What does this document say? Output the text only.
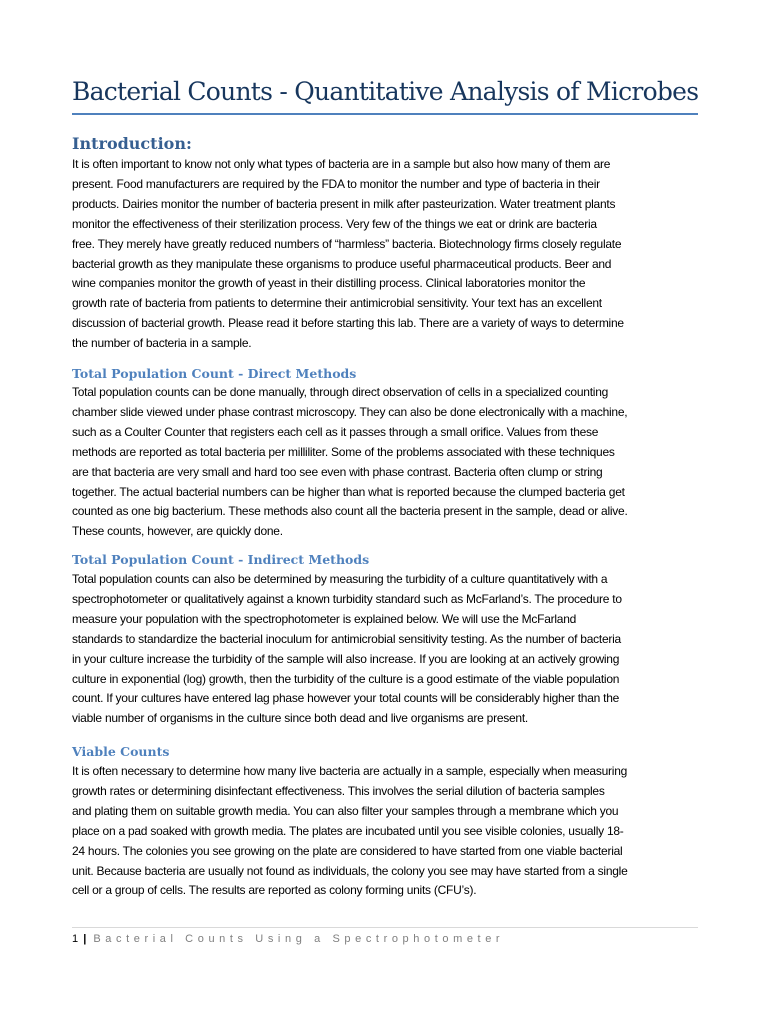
Bacterial Counts - Quantitative Analysis of Microbes
Introduction:
It is often important to know not only what types of bacteria are in a sample but also how many of them are
present. Food manufacturers are required by the FDA to monitor the number and type of bacteria in their
products. Dairies monitor the number of bacteria present in milk after pasteurization. Water treatment plants
monitor the effectiveness of their sterilization process. Very few of the things we eat or drink are bacteria
free. They merely have greatly reduced numbers of “harmless” bacteria. Biotechnology firms closely regulate
bacterial growth as they manipulate these organisms to produce useful pharmaceutical products. Beer and
wine companies monitor the growth of yeast in their distilling process. Clinical laboratories monitor the
growth rate of bacteria from patients to determine their antimicrobial sensitivity. Your text has an excellent
discussion of bacterial growth. Please read it before starting this lab. There are a variety of ways to determine
the number of bacteria in a sample.
Total Population Count - Direct Methods
Total population counts can be done manually, through direct observation of cells in a specialized counting
chamber slide viewed under phase contrast microscopy. They can also be done electronically with a machine,
such as a Coulter Counter that registers each cell as it passes through a small orifice. Values from these
methods are reported as total bacteria per milliliter. Some of the problems associated with these techniques
are that bacteria are very small and hard too see even with phase contrast. Bacteria often clump or string
together. The actual bacterial numbers can be higher than what is reported because the clumped bacteria get
counted as one big bacterium. These methods also count all the bacteria present in the sample, dead or alive.
These counts, however, are quickly done.
Total Population Count - Indirect Methods
Total population counts can also be determined by measuring the turbidity of a culture quantitatively with a
spectrophotometer or qualitatively against a known turbidity standard such as McFarland’s. The procedure to
measure your population with the spectrophotometer is explained below. We will use the McFarland
standards to standardize the bacterial inoculum for antimicrobial sensitivity testing. As the number of bacteria
in your culture increase the turbidity of the sample will also increase. If you are looking at an actively growing
culture in exponential (log) growth, then the turbidity of the culture is a good estimate of the viable population
count. If your cultures have entered lag phase however your total counts will be considerably higher than the
viable number of organisms in the culture since both dead and live organisms are present.
Viable Counts
It is often necessary to determine how many live bacteria are actually in a sample, especially when measuring
growth rates or determining disinfectant effectiveness. This involves the serial dilution of bacteria samples
and plating them on suitable growth media. You can also filter your samples through a membrane which you
place on a pad soaked with growth media. The plates are incubated until you see visible colonies, usually 18-
24 hours. The colonies you see growing on the plate are considered to have started from one viable bacterial
unit. Because bacteria are usually not found as individuals, the colony you see may have started from a single
cell or a group of cells. The results are reported as colony forming units (CFU’s).
1 | Bacterial Counts Using a Spectrophotometer
